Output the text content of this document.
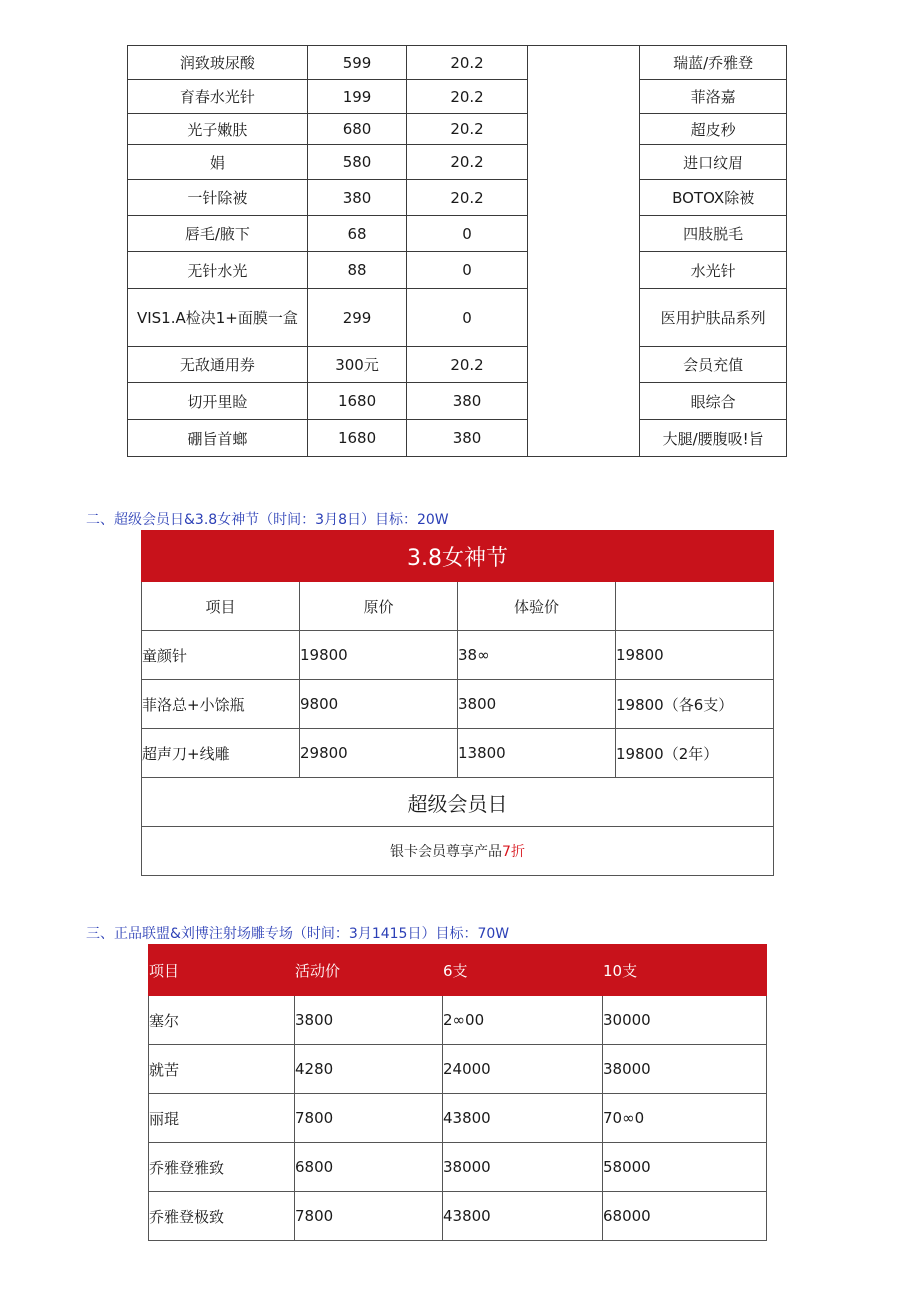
润致玻尿酸	599	20.2		瑞蓝/乔雅登
育春水光针	199	20.2		菲洛嘉
光子嫩肤	680	20.2		超皮秒
娟	580	20.2		进口纹眉
一针除被	380	20.2		BOTOX除被
唇毛/腋下	68	0		四肢脱毛
无针水光	88	0		水光针
VIS1.A检决1+面膜一盒	299	0		医用护肤品系列
无敌通用券	300元	20.2		会员充值
切开里睑	1680	380		眼综合
硼旨首螂	1680	380		大腿/腰腹吸!旨
二、超级会员日&3.8女神节（时间：3月8日）目标：20W
3.8女神节			
项目	原价	体验价	
童颜针	19800	38∞	19800
菲洛总+小馀瓶	9800	3800	19800（各6支）
超声刀+线雕	29800	13800	19800（2年）
超级会员日			
银卡会员尊享产品7折			
三、正品联盟&刘博注射场雕专场（时间：3月1415日）目标：70W
项目	活动价	6支	10支
塞尔	3800	2∞00	30000
就苦	4280	24000	38000
丽琨	7800	43800	70∞0
乔雅登雅致	6800	38000	58000
乔雅登极致	7800	43800	68000
